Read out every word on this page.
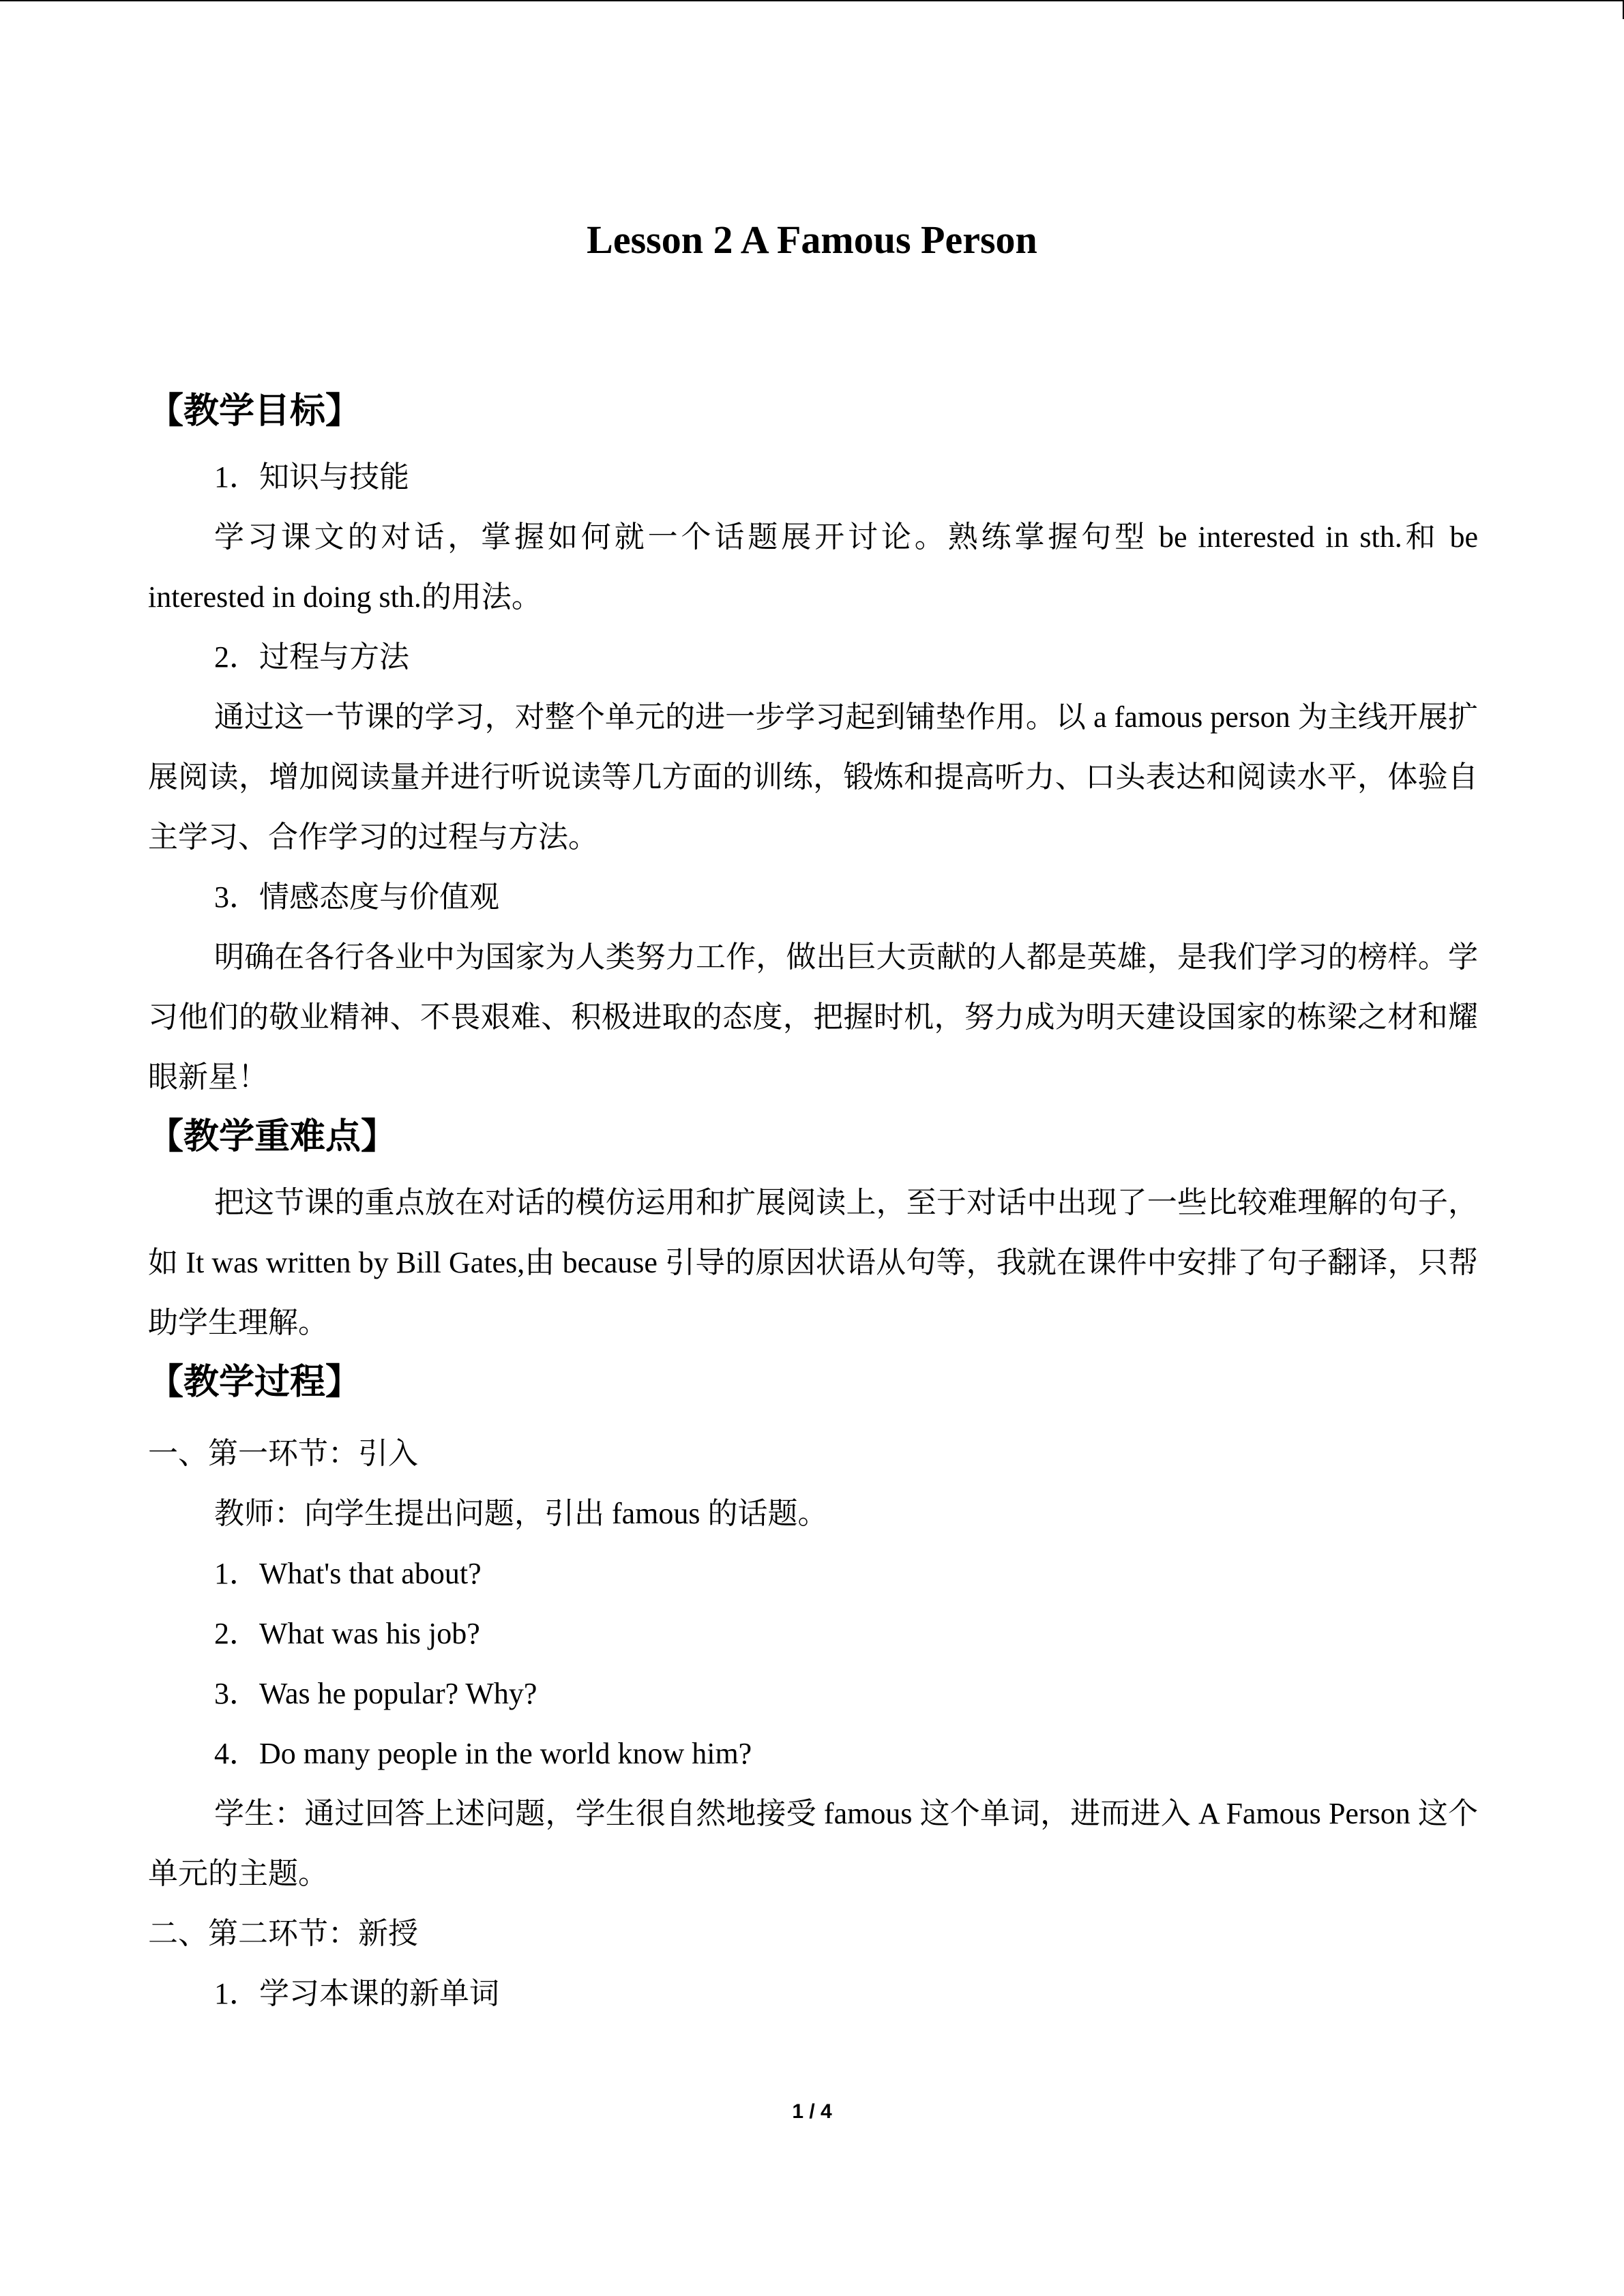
Lesson 2 A Famous Person

【教学目标】

1．知识与技能

学习课文的对话，掌握如何就一个话题展开讨论。熟练掌握句型 be interested in sth.和 be interested in doing sth.的用法。

2．过程与方法

通过这一节课的学习，对整个单元的进一步学习起到铺垫作用。以 a famous person 为主线开展扩展阅读，增加阅读量并进行听说读等几方面的训练，锻炼和提高听力、口头表达和阅读水平，体验自主学习、合作学习的过程与方法。

3．情感态度与价值观

明确在各行各业中为国家为人类努力工作，做出巨大贡献的人都是英雄，是我们学习的榜样。学习他们的敬业精神、不畏艰难、积极进取的态度，把握时机，努力成为明天建设国家的栋梁之材和耀眼新星！

【教学重难点】

把这节课的重点放在对话的模仿运用和扩展阅读上，至于对话中出现了一些比较难理解的句子，如 It was written by Bill Gates,由 because 引导的原因状语从句等，我就在课件中安排了句子翻译，只帮助学生理解。

【教学过程】

一、第一环节：引入

教师：向学生提出问题，引出 famous 的话题。

1．What's that about?

2．What was his job?

3．Was he popular? Why?

4．Do many people in the world know him?

学生：通过回答上述问题，学生很自然地接受 famous 这个单词，进而进入 A Famous Person 这个单元的主题。

二、第二环节：新授

1．学习本课的新单词

1 / 4
